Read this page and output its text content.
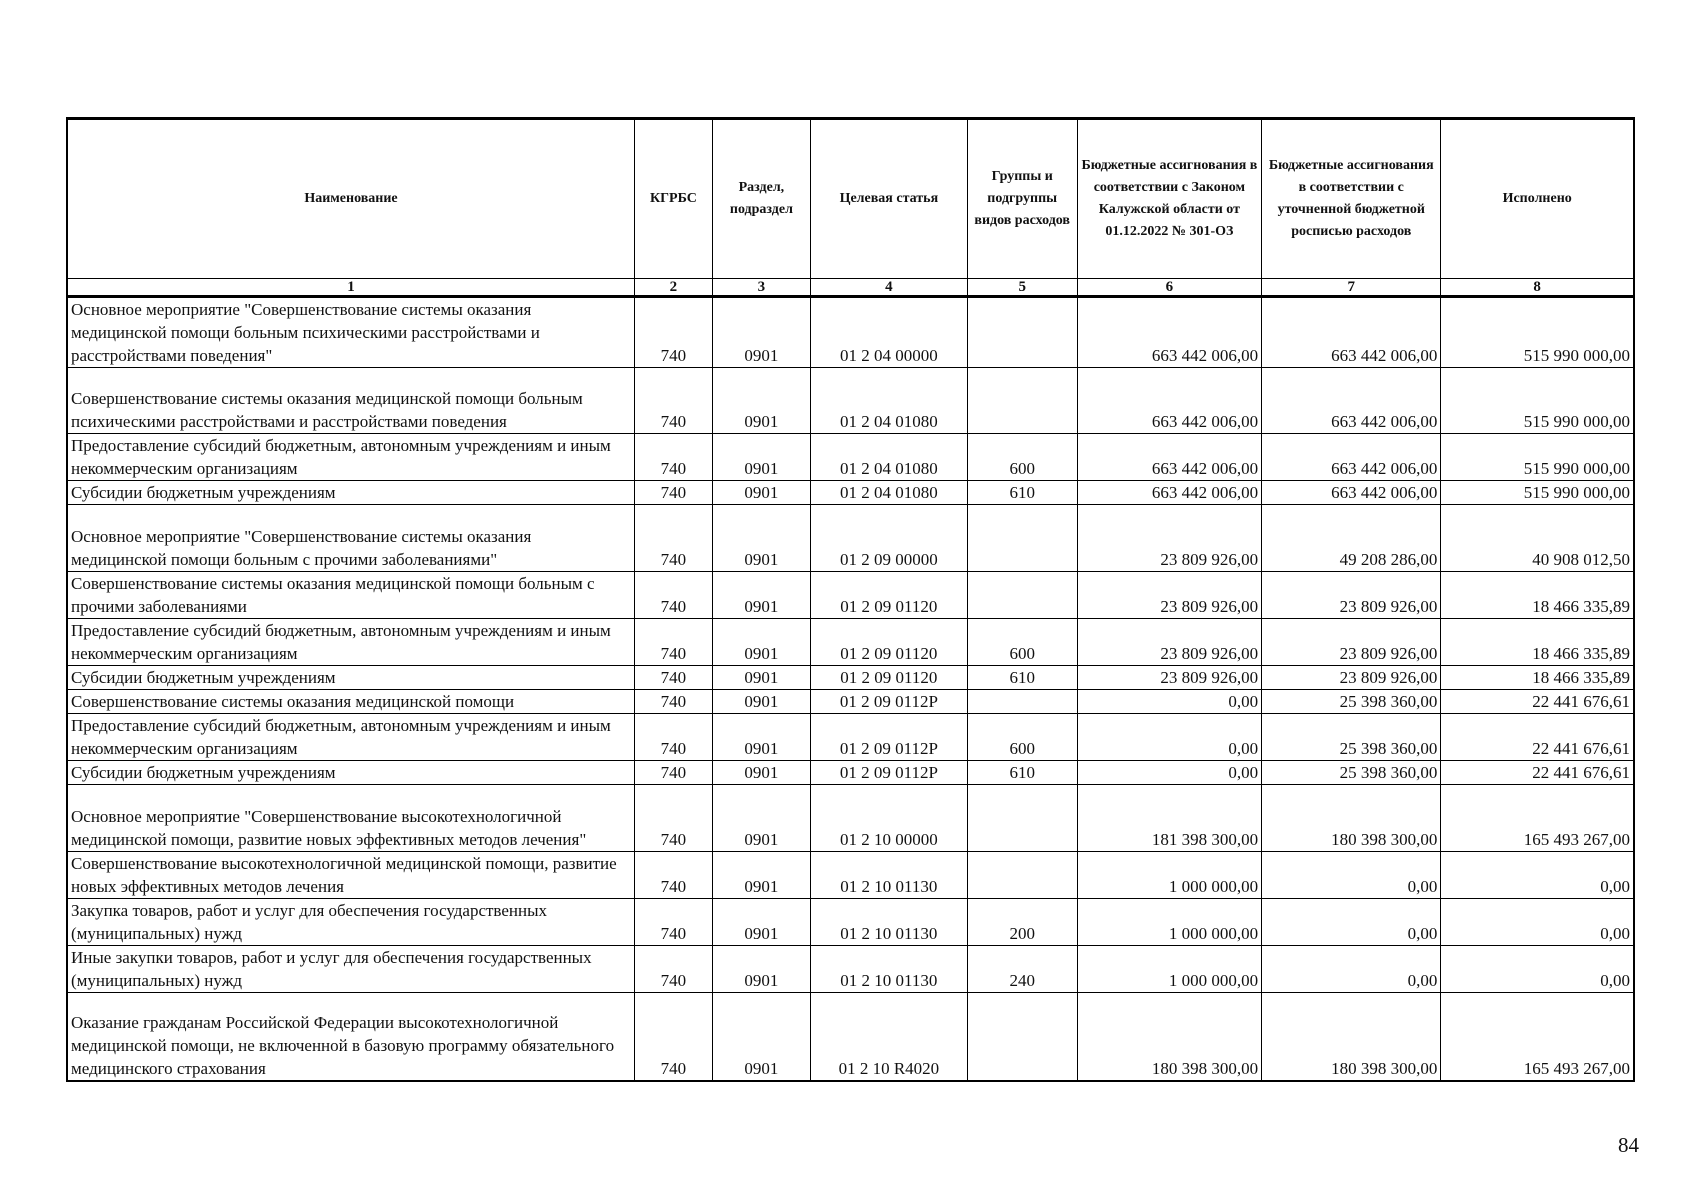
Наименование	КГРБС	Раздел, подраздел	Целевая статья	Группы и подгруппы видов расходов	Бюджетные ассигнования в соответствии с Законом Калужской области от 01.12.2022 № 301-ОЗ	Бюджетные ассигнования в соответствии с уточненной бюджетной росписью расходов	Исполнено
1	2	3	4	5	6	7	8
Основное мероприятие "Совершенствование системы оказания медицинской помощи больным психическими расстройствами и расстройствами поведения"	740	0901	01 2 04 00000		663 442 006,00	663 442 006,00	515 990 000,00
Совершенствование системы оказания медицинской помощи больным психическими расстройствами и расстройствами поведения	740	0901	01 2 04 01080		663 442 006,00	663 442 006,00	515 990 000,00
Предоставление субсидий бюджетным, автономным учреждениям и иным некоммерческим организациям	740	0901	01 2 04 01080	600	663 442 006,00	663 442 006,00	515 990 000,00
Субсидии бюджетным учреждениям	740	0901	01 2 04 01080	610	663 442 006,00	663 442 006,00	515 990 000,00
Основное мероприятие "Совершенствование системы оказания медицинской помощи больным с прочими заболеваниями"	740	0901	01 2 09 00000		23 809 926,00	49 208 286,00	40 908 012,50
Совершенствование системы оказания медицинской помощи больным с прочими заболеваниями	740	0901	01 2 09 01120		23 809 926,00	23 809 926,00	18 466 335,89
Предоставление субсидий бюджетным, автономным учреждениям и иным некоммерческим организациям	740	0901	01 2 09 01120	600	23 809 926,00	23 809 926,00	18 466 335,89
Субсидии бюджетным учреждениям	740	0901	01 2 09 01120	610	23 809 926,00	23 809 926,00	18 466 335,89
Совершенствование системы оказания медицинской помощи	740	0901	01 2 09 0112Р		0,00	25 398 360,00	22 441 676,61
Предоставление субсидий бюджетным, автономным учреждениям и иным некоммерческим организациям	740	0901	01 2 09 0112Р	600	0,00	25 398 360,00	22 441 676,61
Субсидии бюджетным учреждениям	740	0901	01 2 09 0112Р	610	0,00	25 398 360,00	22 441 676,61
Основное мероприятие "Совершенствование высокотехнологичной медицинской помощи, развитие новых эффективных методов лечения"	740	0901	01 2 10 00000		181 398 300,00	180 398 300,00	165 493 267,00
Совершенствование высокотехнологичной медицинской помощи, развитие новых эффективных методов лечения	740	0901	01 2 10 01130		1 000 000,00	0,00	0,00
Закупка товаров, работ и услуг для обеспечения государственных (муниципальных) нужд	740	0901	01 2 10 01130	200	1 000 000,00	0,00	0,00
Иные закупки товаров, работ и услуг для обеспечения государственных (муниципальных) нужд	740	0901	01 2 10 01130	240	1 000 000,00	0,00	0,00
Оказание гражданам Российской Федерации высокотехнологичной медицинской помощи, не включенной в базовую программу обязательного медицинского страхования	740	0901	01 2 10 R4020		180 398 300,00	180 398 300,00	165 493 267,00
84
